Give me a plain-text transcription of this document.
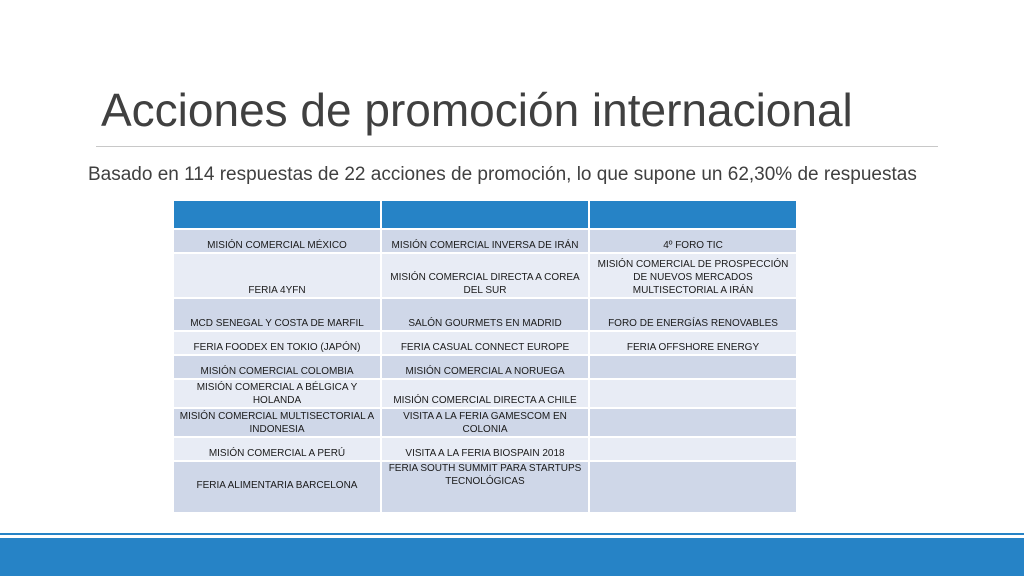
Acciones de promoción internacional
Basado en 114 respuestas de 22 acciones de promoción, lo que supone un 62,30% de respuestas

MISIÓN COMERCIAL MÉXICO	MISIÓN COMERCIAL INVERSA DE IRÁN	4º FORO TIC
FERIA 4YFN	MISIÓN COMERCIAL DIRECTA A COREA DEL SUR	MISIÓN COMERCIAL DE PROSPECCIÓN DE NUEVOS MERCADOS MULTISECTORIAL A IRÁN
MCD SENEGAL Y COSTA DE MARFIL	SALÓN GOURMETS EN MADRID	FORO DE ENERGÍAS RENOVABLES
FERIA FOODEX EN TOKIO (JAPÓN)	FERIA CASUAL CONNECT EUROPE	FERIA OFFSHORE ENERGY
MISIÓN COMERCIAL COLOMBIA	MISIÓN COMERCIAL A NORUEGA	
MISIÓN COMERCIAL A BÉLGICA Y HOLANDA	MISIÓN COMERCIAL DIRECTA A CHILE	
MISIÓN COMERCIAL MULTISECTORIAL A INDONESIA	VISITA A LA FERIA GAMESCOM EN COLONIA	
MISIÓN COMERCIAL A PERÚ	VISITA A LA FERIA BIOSPAIN 2018	
FERIA ALIMENTARIA BARCELONA	FERIA SOUTH SUMMIT PARA STARTUPS TECNOLÓGICAS	
